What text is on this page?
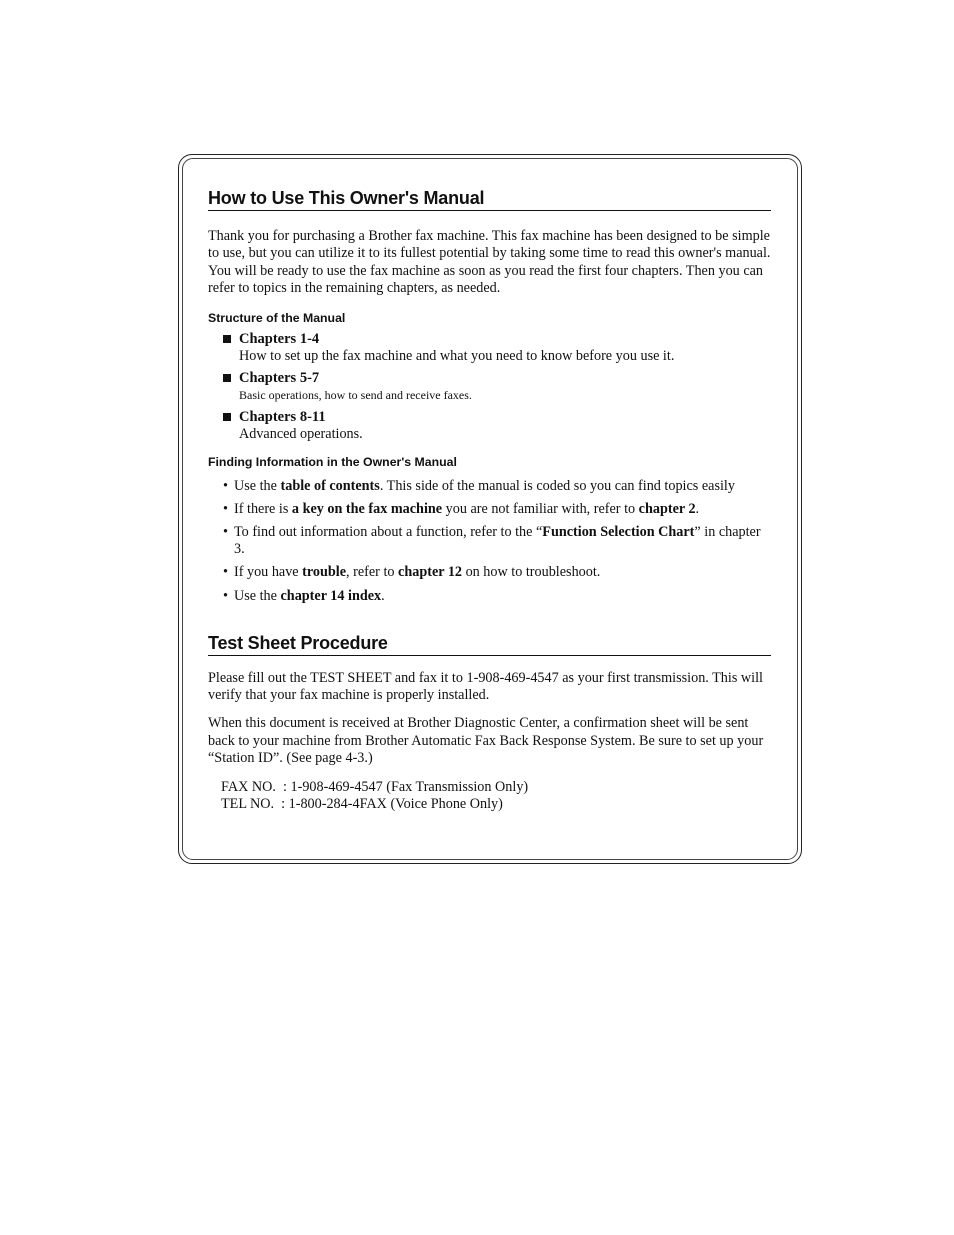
How to Use This Owner's Manual

Thank you for purchasing a Brother fax machine. This fax machine has been designed to be simple to use, but you can utilize it to its fullest potential by taking some time to read this owner's manual. You will be ready to use the fax machine as soon as you read the first four chapters. Then you can refer to topics in the remaining chapters, as needed.

Structure of the Manual
Chapters 1-4
How to set up the fax machine and what you need to know before you use it.
Chapters 5-7
Basic operations, how to send and receive faxes.
Chapters 8-11
Advanced operations.
Finding Information in the Owner's Manual
• Use the table of contents. This side of the manual is coded so you can find topics easily
• If there is a key on the fax machine you are not familiar with, refer to chapter 2.
• To find out information about a function, refer to the “Function Selection Chart” in chapter 3.
• If you have trouble, refer to chapter 12 on how to troubleshoot.
• Use the chapter 14 index.
Test Sheet Procedure

Please fill out the TEST SHEET and fax it to 1-908-469-4547 as your first transmission. This will verify that your fax machine is properly installed.

When this document is received at Brother Diagnostic Center, a confirmation sheet will be sent back to your machine from Brother Automatic Fax Back Response System. Be sure to set up your “Station ID”. (See page 4-3.)

FAX NO.  : 1-908-469-4547 (Fax Transmission Only)
TEL NO.  : 1-800-284-4FAX (Voice Phone Only)
